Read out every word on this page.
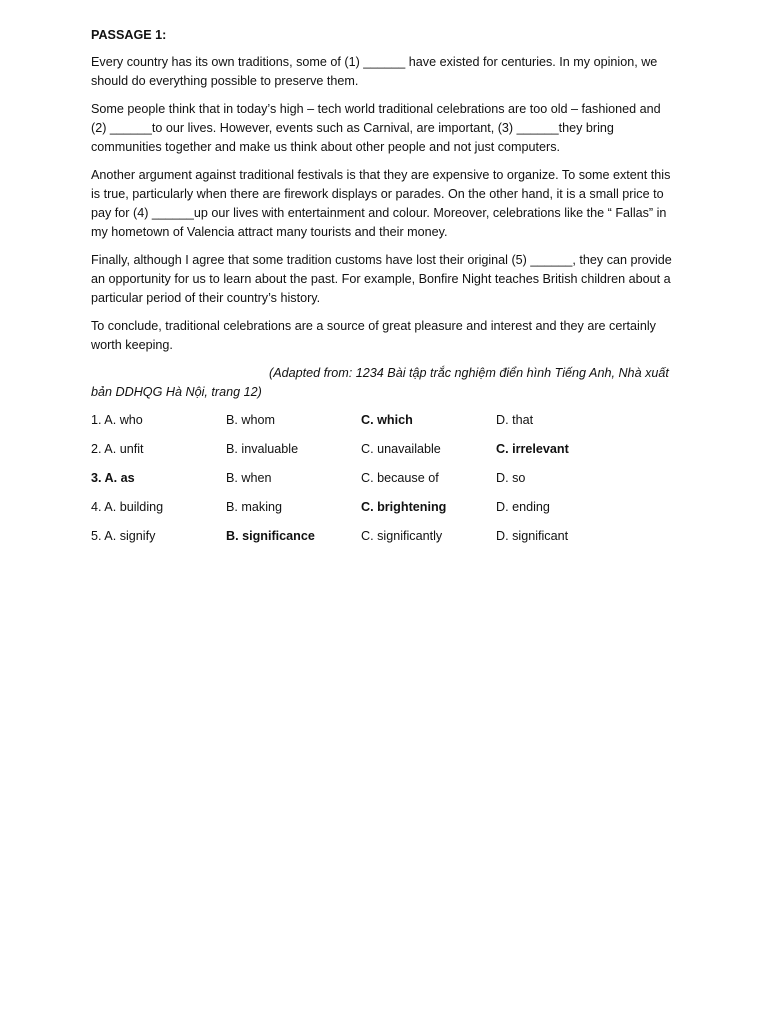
PASSAGE 1:

Every country has its own traditions, some of (1) ______ have existed for centuries. In my opinion, we should do everything possible to preserve them.

Some people think that in today’s high – tech world traditional celebrations are too old – fashioned and (2) ______to our lives. However, events such as Carnival, are important, (3) ______they bring communities together and make us think about other people and not just computers.

Another argument against traditional festivals is that they are expensive to organize. To some extent this is true, particularly when there are firework displays or parades. On the other hand, it is a small price to pay for (4) ______up our lives with entertainment and colour. Moreover, celebrations like the “ Fallas” in my hometown of Valencia attract many tourists and their money.

Finally, although I agree that some tradition customs have lost their original (5) ______, they can provide an opportunity for us to learn about the past. For example, Bonfire Night teaches British children about a particular period of their country’s history.

To conclude, traditional celebrations are a source of great pleasure and interest and they are certainly worth keeping.

(Adapted from: 1234 Bài tập trắc nghiệm điển hình Tiếng Anh, Nhà xuất
bản DDHQG Hà Nội, trang 12)
1. A. who	B. whom	C. which	D. that
2. A. unfit	B. invaluable	C. unavailable	C. irrelevant
3. A. as	B. when	C. because of	D. so
4. A. building	B. making	C. brightening	D. ending
5. A. signify	B. significance	C. significantly	D. significant
